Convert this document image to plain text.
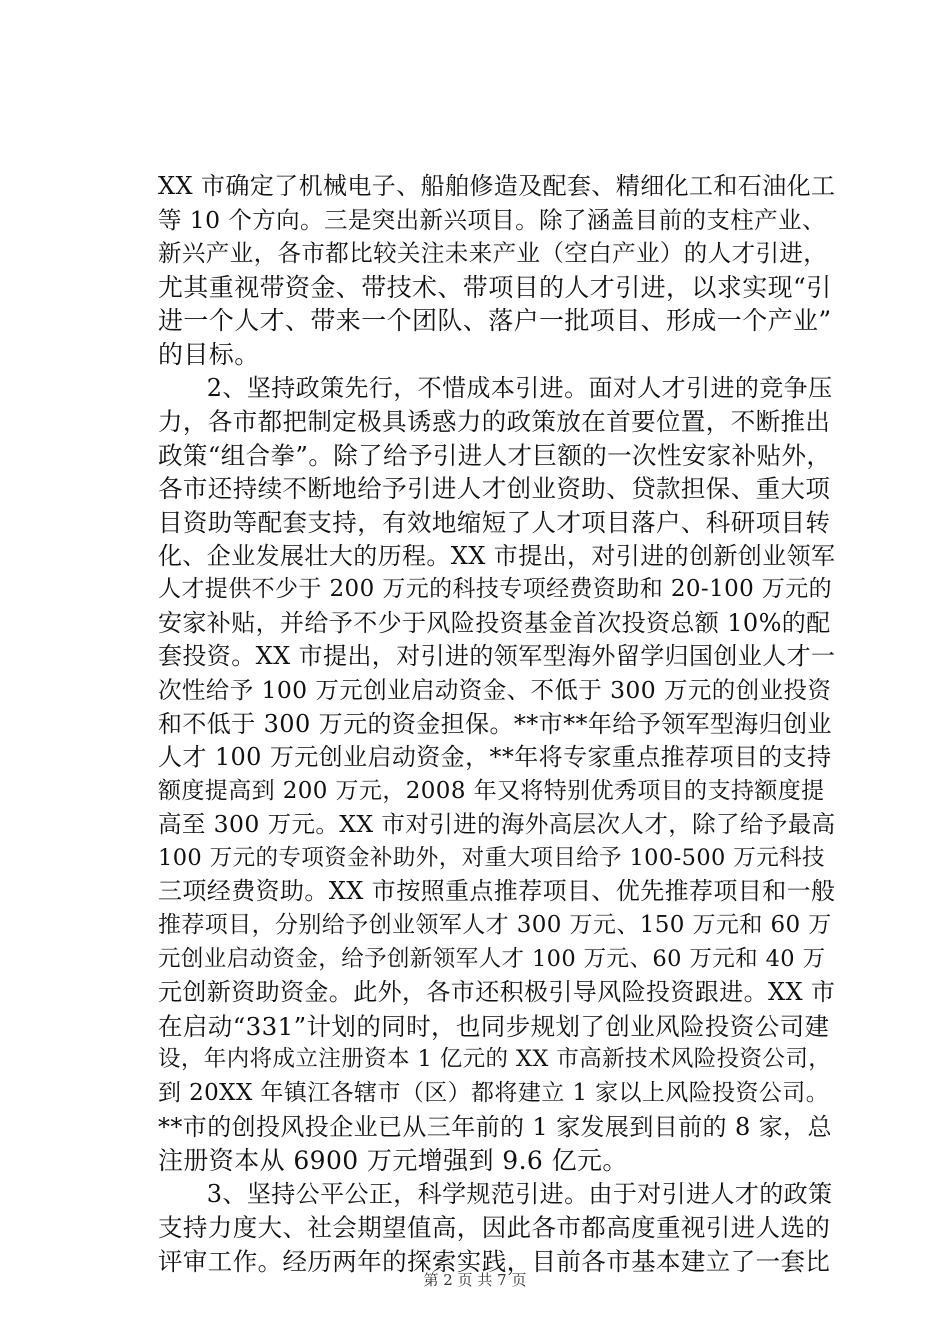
XX 市确定了机械电子、船舶修造及配套、精细化工和石油化工
等 10 个方向。三是突出新兴项目。除了涵盖目前的支柱产业、
新兴产业，各市都比较关注未来产业（空白产业）的人才引进，
尤其重视带资金、带技术、带项目的人才引进，以求实现“引
进一个人才、带来一个团队、落户一批项目、形成一个产业”
的目标。
　　2、坚持政策先行，不惜成本引进。面对人才引进的竞争压
力，各市都把制定极具诱惑力的政策放在首要位置，不断推出
政策“组合拳”。除了给予引进人才巨额的一次性安家补贴外，
各市还持续不断地给予引进人才创业资助、贷款担保、重大项
目资助等配套支持，有效地缩短了人才项目落户、科研项目转
化、企业发展壮大的历程。XX 市提出，对引进的创新创业领军
人才提供不少于 200 万元的科技专项经费资助和 20-100 万元的
安家补贴，并给予不少于风险投资基金首次投资总额 10%的配
套投资。XX 市提出，对引进的领军型海外留学归国创业人才一
次性给予 100 万元创业启动资金、不低于 300 万元的创业投资
和不低于 300 万元的资金担保。**市**年给予领军型海归创业
人才 100 万元创业启动资金，**年将专家重点推荐项目的支持
额度提高到 200 万元，2008 年又将特别优秀项目的支持额度提
高至 300 万元。XX 市对引进的海外高层次人才，除了给予最高
100 万元的专项资金补助外，对重大项目给予 100-500 万元科技
三项经费资助。XX 市按照重点推荐项目、优先推荐项目和一般
推荐项目，分别给予创业领军人才 300 万元、150 万元和 60 万
元创业启动资金，给予创新领军人才 100 万元、60 万元和 40 万
元创新资助资金。此外，各市还积极引导风险投资跟进。XX 市
在启动“331”计划的同时，也同步规划了创业风险投资公司建
设，年内将成立注册资本 1 亿元的 XX 市高新技术风险投资公司，
到 20XX 年镇江各辖市（区）都将建立 1 家以上风险投资公司。
**市的创投风投企业已从三年前的 1 家发展到目前的 8 家，总
注册资本从 6900 万元增强到 9.6 亿元。
　　3、坚持公平公正，科学规范引进。由于对引进人才的政策
支持力度大、社会期望值高，因此各市都高度重视引进人选的
评审工作。经历两年的探索实践，目前各市基本建立了一套比
第 2 页 共 7 页
